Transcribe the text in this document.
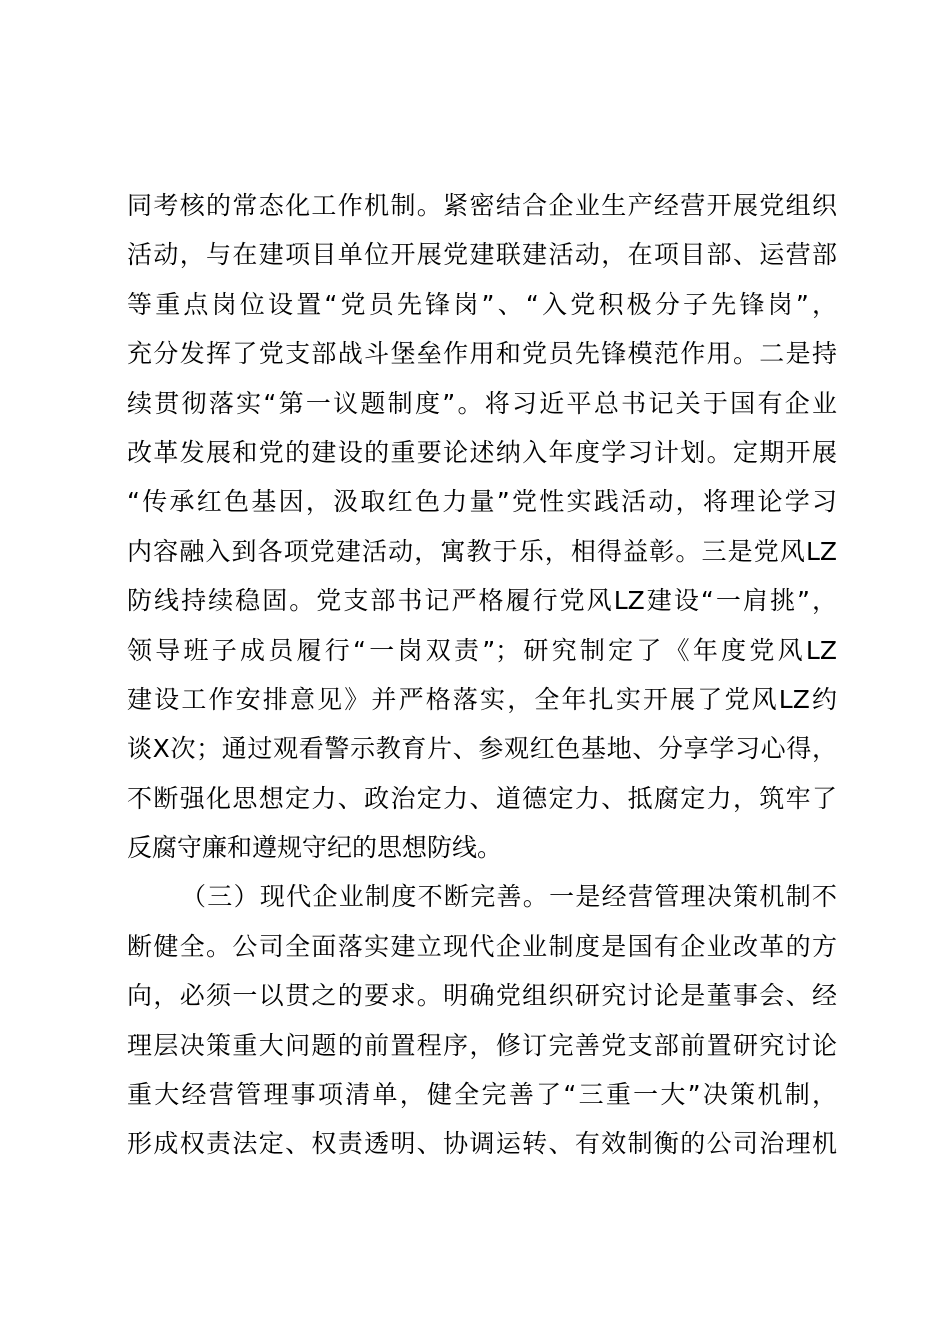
同考核的常态化工作机制。紧密结合企业生产经营开展党组织
活动，与在建项目单位开展党建联建活动，在项目部、运营部
等重点岗位设置“党员先锋岗”、“入党积极分子先锋岗”，
充分发挥了党支部战斗堡垒作用和党员先锋模范作用。二是持
续贯彻落实“第一议题制度”。将习近平总书记关于国有企业
改革发展和党的建设的重要论述纳入年度学习计划。定期开展
“传承红色基因，汲取红色力量”党性实践活动，将理论学习
内容融入到各项党建活动，寓教于乐，相得益彰。三是党风LZ
防线持续稳固。党支部书记严格履行党风LZ建设“一肩挑”，
领导班子成员履行“一岗双责”；研究制定了《年度党风LZ
建设工作安排意见》并严格落实，全年扎实开展了党风LZ约
谈X次；通过观看警示教育片、参观红色基地、分享学习心得，
不断强化思想定力、政治定力、道德定力、抵腐定力，筑牢了
反腐守廉和遵规守纪的思想防线。
（三）现代企业制度不断完善。一是经营管理决策机制不
断健全。公司全面落实建立现代企业制度是国有企业改革的方
向，必须一以贯之的要求。明确党组织研究讨论是董事会、经
理层决策重大问题的前置程序，修订完善党支部前置研究讨论
重大经营管理事项清单，健全完善了“三重一大”决策机制，
形成权责法定、权责透明、协调运转、有效制衡的公司治理机
